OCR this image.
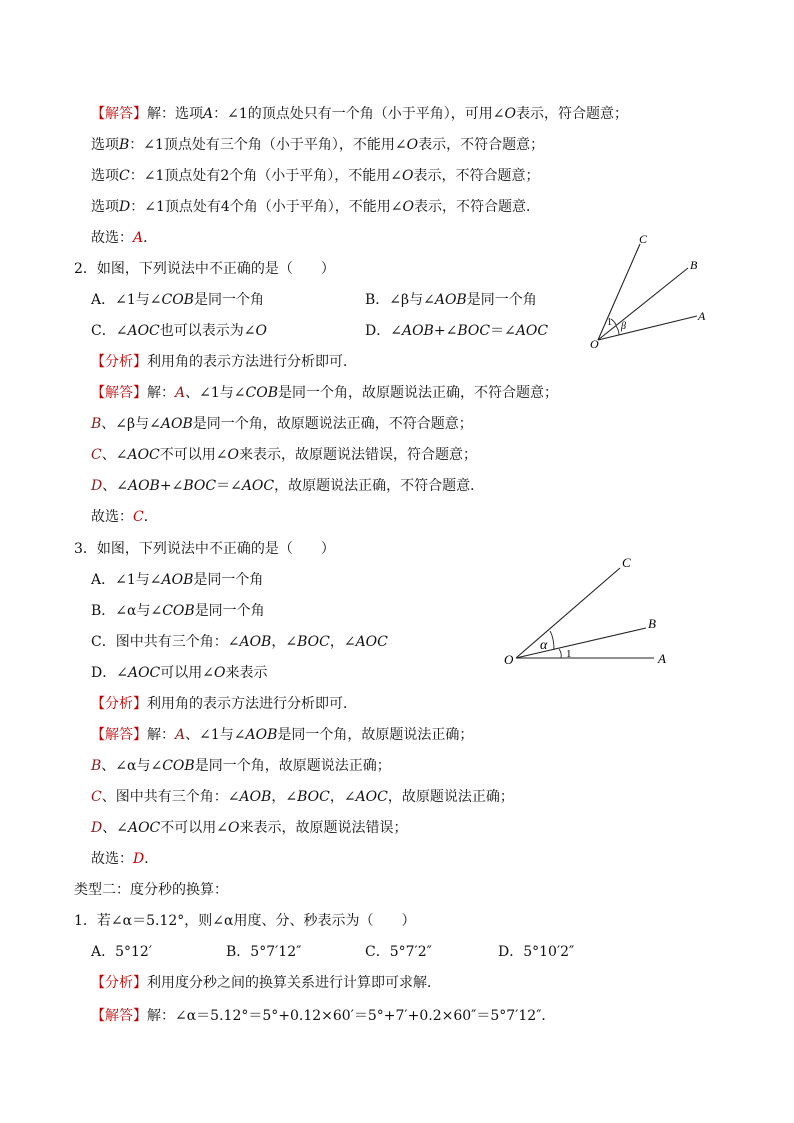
【解答】解：选项A：∠1的顶点处只有一个角（小于平角），可用∠O表示，符合题意；
选项B：∠1顶点处有三个角（小于平角），不能用∠O表示，不符合题意；
选项C：∠1顶点处有2个角（小于平角），不能用∠O表示，不符合题意；
选项D：∠1顶点处有4个角（小于平角），不能用∠O表示，不符合题意．
故选：A．
2．如图，下列说法中不正确的是（　　）
A．∠1与∠COB是同一个角	B．∠β与∠AOB是同一个角
C．∠AOC也可以表示为∠O	D．∠AOB+∠BOC＝∠AOC
C
B
A
O
1 β
【分析】利用角的表示方法进行分析即可．
【解答】解：A、∠1与∠COB是同一个角，故原题说法正确，不符合题意；
B、∠β与∠AOB是同一个角，故原题说法正确，不符合题意；
C、∠AOC不可以用∠O来表示，故原题说法错误，符合题意；
D、∠AOB+∠BOC＝∠AOC，故原题说法正确，不符合题意．
故选：C．
3．如图，下列说法中不正确的是（　　）
A．∠1与∠AOB是同一个角
B．∠α与∠COB是同一个角
C．图中共有三个角：∠AOB，∠BOC，∠AOC
D．∠AOC可以用∠O来表示
C
B
A
O
α
1
【分析】利用角的表示方法进行分析即可．
【解答】解：A、∠1与∠AOB是同一个角，故原题说法正确；
B、∠α与∠COB是同一个角，故原题说法正确；
C、图中共有三个角：∠AOB，∠BOC，∠AOC，故原题说法正确；
D、∠AOC不可以用∠O来表示，故原题说法错误；
故选：D．
类型二：度分秒的换算：
1．若∠α＝5.12°，则∠α用度、分、秒表示为（　　）
A．5°12′	B．5°7′12″	C．5°7′2″	D．5°10′2″
【分析】利用度分秒之间的换算关系进行计算即可求解．
【解答】解：∠α＝5.12°＝5°+0.12×60′＝5°+7′+0.2×60″＝5°7′12″．
